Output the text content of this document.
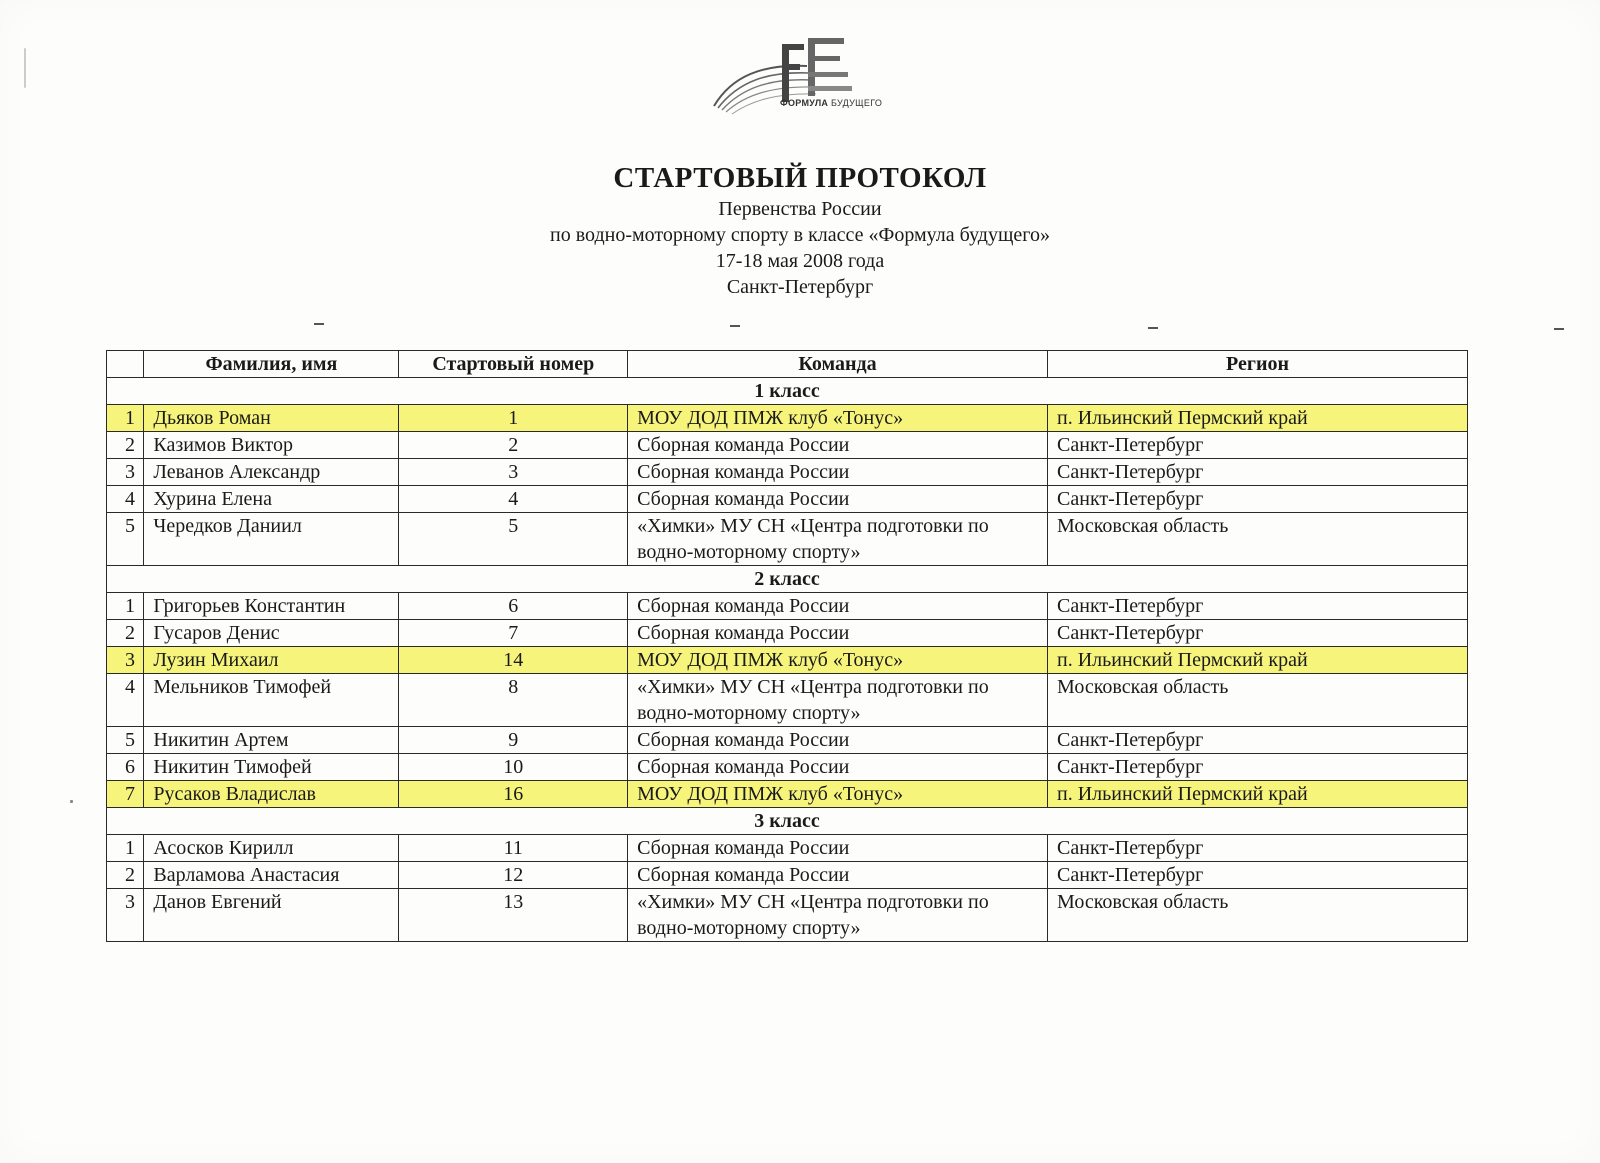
ФОРМУЛА БУДУЩЕГО
СТАРТОВЫЙ ПРОТОКОЛ

Первенства России

по водно-моторному спорту в классе «Формула будущего»

17-18 мая 2008 года

Санкт-Петербург

	Фамилия, имя	Стартовый номер	Команда	Регион
1 класс				
1	Дьяков Роман	1	МОУ ДОД ПМЖ клуб «Тонус»	п. Ильинский Пермский край
2	Казимов Виктор	2	Сборная команда России	Санкт-Петербург
3	Леванов Александр	3	Сборная команда России	Санкт-Петербург
4	Хурина Елена	4	Сборная команда России	Санкт-Петербург
5	Чередков Даниил	5	«Химки» МУ СН «Центра подготовки по водно-моторному спорту»	Московская область
2 класс				
1	Григорьев Константин	6	Сборная команда России	Санкт-Петербург
2	Гусаров Денис	7	Сборная команда России	Санкт-Петербург
3	Лузин Михаил	14	МОУ ДОД ПМЖ клуб «Тонус»	п. Ильинский Пермский край
4	Мельников Тимофей	8	«Химки» МУ СН «Центра подготовки по водно-моторному спорту»	Московская область
5	Никитин Артем	9	Сборная команда России	Санкт-Петербург
6	Никитин Тимофей	10	Сборная команда России	Санкт-Петербург
7	Русаков Владислав	16	МОУ ДОД ПМЖ клуб «Тонус»	п. Ильинский Пермский край
3 класс				
1	Асосков Кирилл	11	Сборная команда России	Санкт-Петербург
2	Варламова Анастасия	12	Сборная команда России	Санкт-Петербург
3	Данов Евгений	13	«Химки» МУ СН «Центра подготовки по водно-моторному спорту»	Московская область
